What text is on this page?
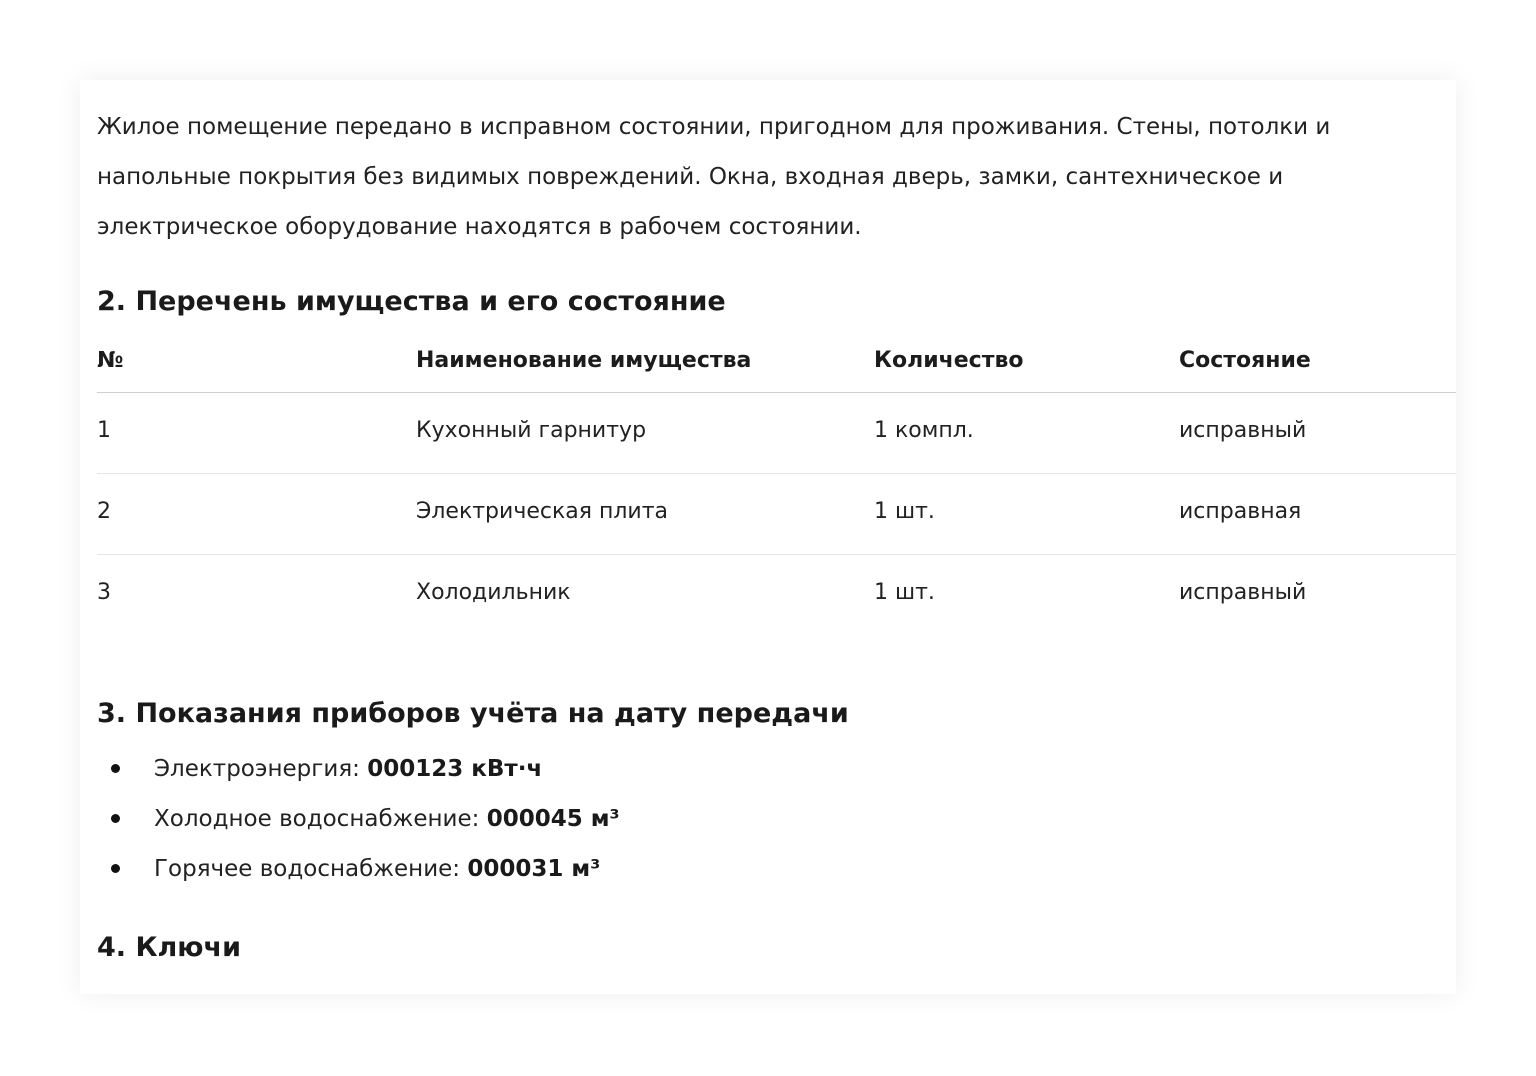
Жилое помещение передано в исправном состоянии, пригодном для проживания. Стены, потолки и напольные покрытия без видимых повреждений. Окна, входная дверь, замки, сантехническое и электрическое оборудование находятся в рабочем состоянии.

2. Перечень имущества и его состояние
№	Наименование имущества	Количество	Состояние
1	Кухонный гарнитур	1 компл.	исправный
2	Электрическая плита	1 шт.	исправная
3	Холодильник	1 шт.	исправный
3. Показания приборов учёта на дату передачи
Электроэнергия: 000123 кВт·ч
Холодное водоснабжение: 000045 м³
Горячее водоснабжение: 000031 м³
4. Ключи
